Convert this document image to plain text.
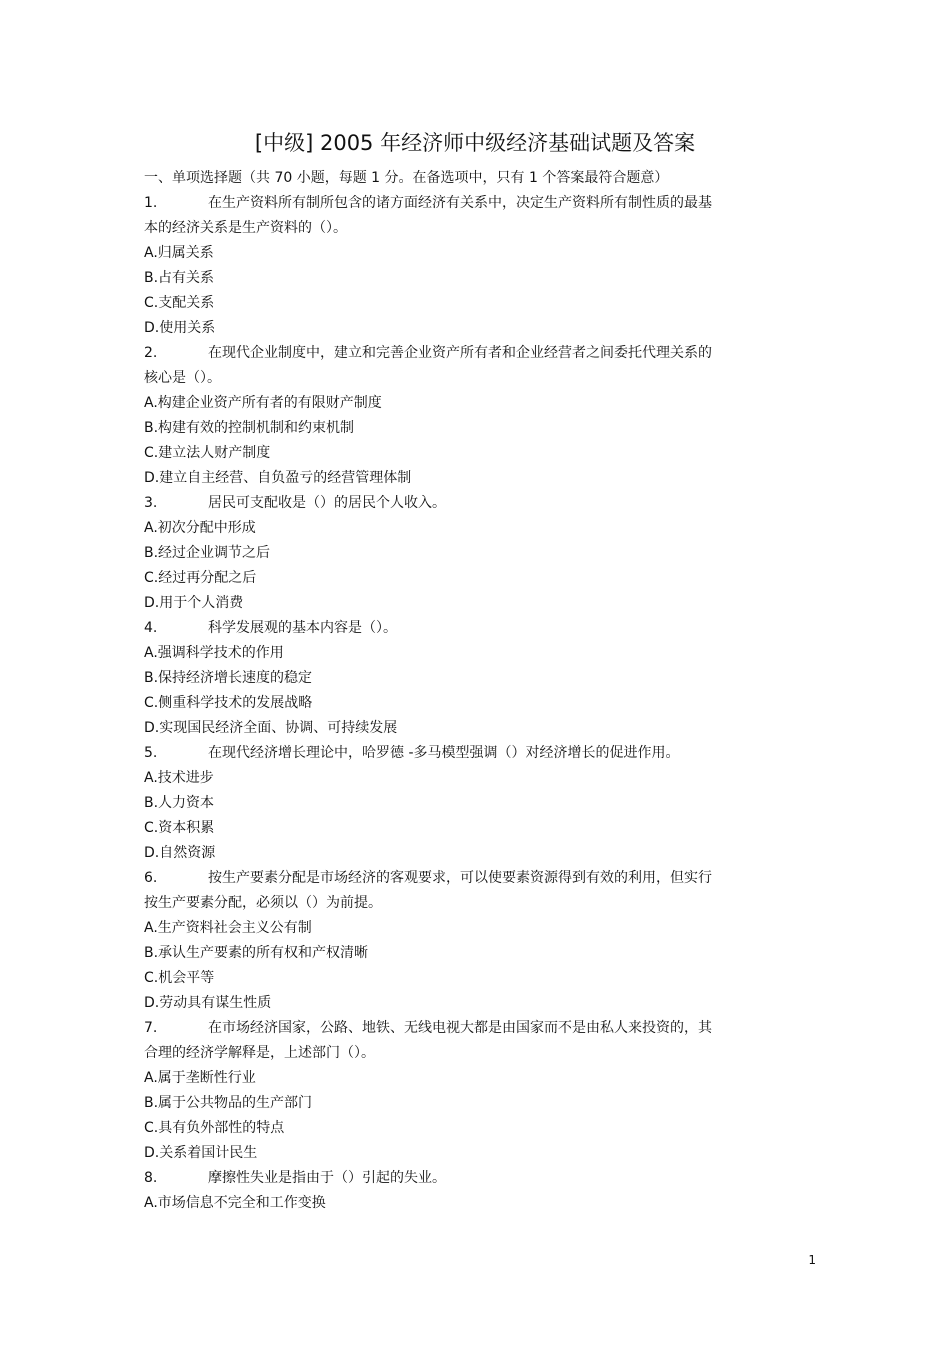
[中级] 2005 年经济师中级经济基础试题及答案
一、单项选择题（共 70 小题，每题 1 分。在备选项中，只有 1 个答案最符合题意）
1.	在生产资料所有制所包含的诸方面经济有关系中，决定生产资料所有制性质的最基
本的经济关系是生产资料的（）。
A.归属关系
B.占有关系
C.支配关系
D.使用关系
2.	在现代企业制度中，建立和完善企业资产所有者和企业经营者之间委托代理关系的
核心是（）。
A.构建企业资产所有者的有限财产制度
B.构建有效的控制机制和约束机制
C.建立法人财产制度
D.建立自主经营、自负盈亏的经营管理体制
3.	居民可支配收是（）的居民个人收入。
A.初次分配中形成
B.经过企业调节之后
C.经过再分配之后
D.用于个人消费
4.	科学发展观的基本内容是（）。
A.强调科学技术的作用
B.保持经济增长速度的稳定
C.侧重科学技术的发展战略
D.实现国民经济全面、协调、可持续发展
5.	在现代经济增长理论中，哈罗德 -多马模型强调（）对经济增长的促进作用。
A.技术进步
B.人力资本
C.资本积累
D.自然资源
6.	按生产要素分配是市场经济的客观要求，可以使要素资源得到有效的利用，但实行
按生产要素分配，必须以（）为前提。
A.生产资料社会主义公有制
B.承认生产要素的所有权和产权清晰
C.机会平等
D.劳动具有谋生性质
7.	在市场经济国家，公路、地铁、无线电视大都是由国家而不是由私人来投资的，其
合理的经济学解释是，上述部门（）。
A.属于垄断性行业
B.属于公共物品的生产部门
C.具有负外部性的特点
D.关系着国计民生
8.	摩擦性失业是指由于（）引起的失业。
A.市场信息不完全和工作变换
1
